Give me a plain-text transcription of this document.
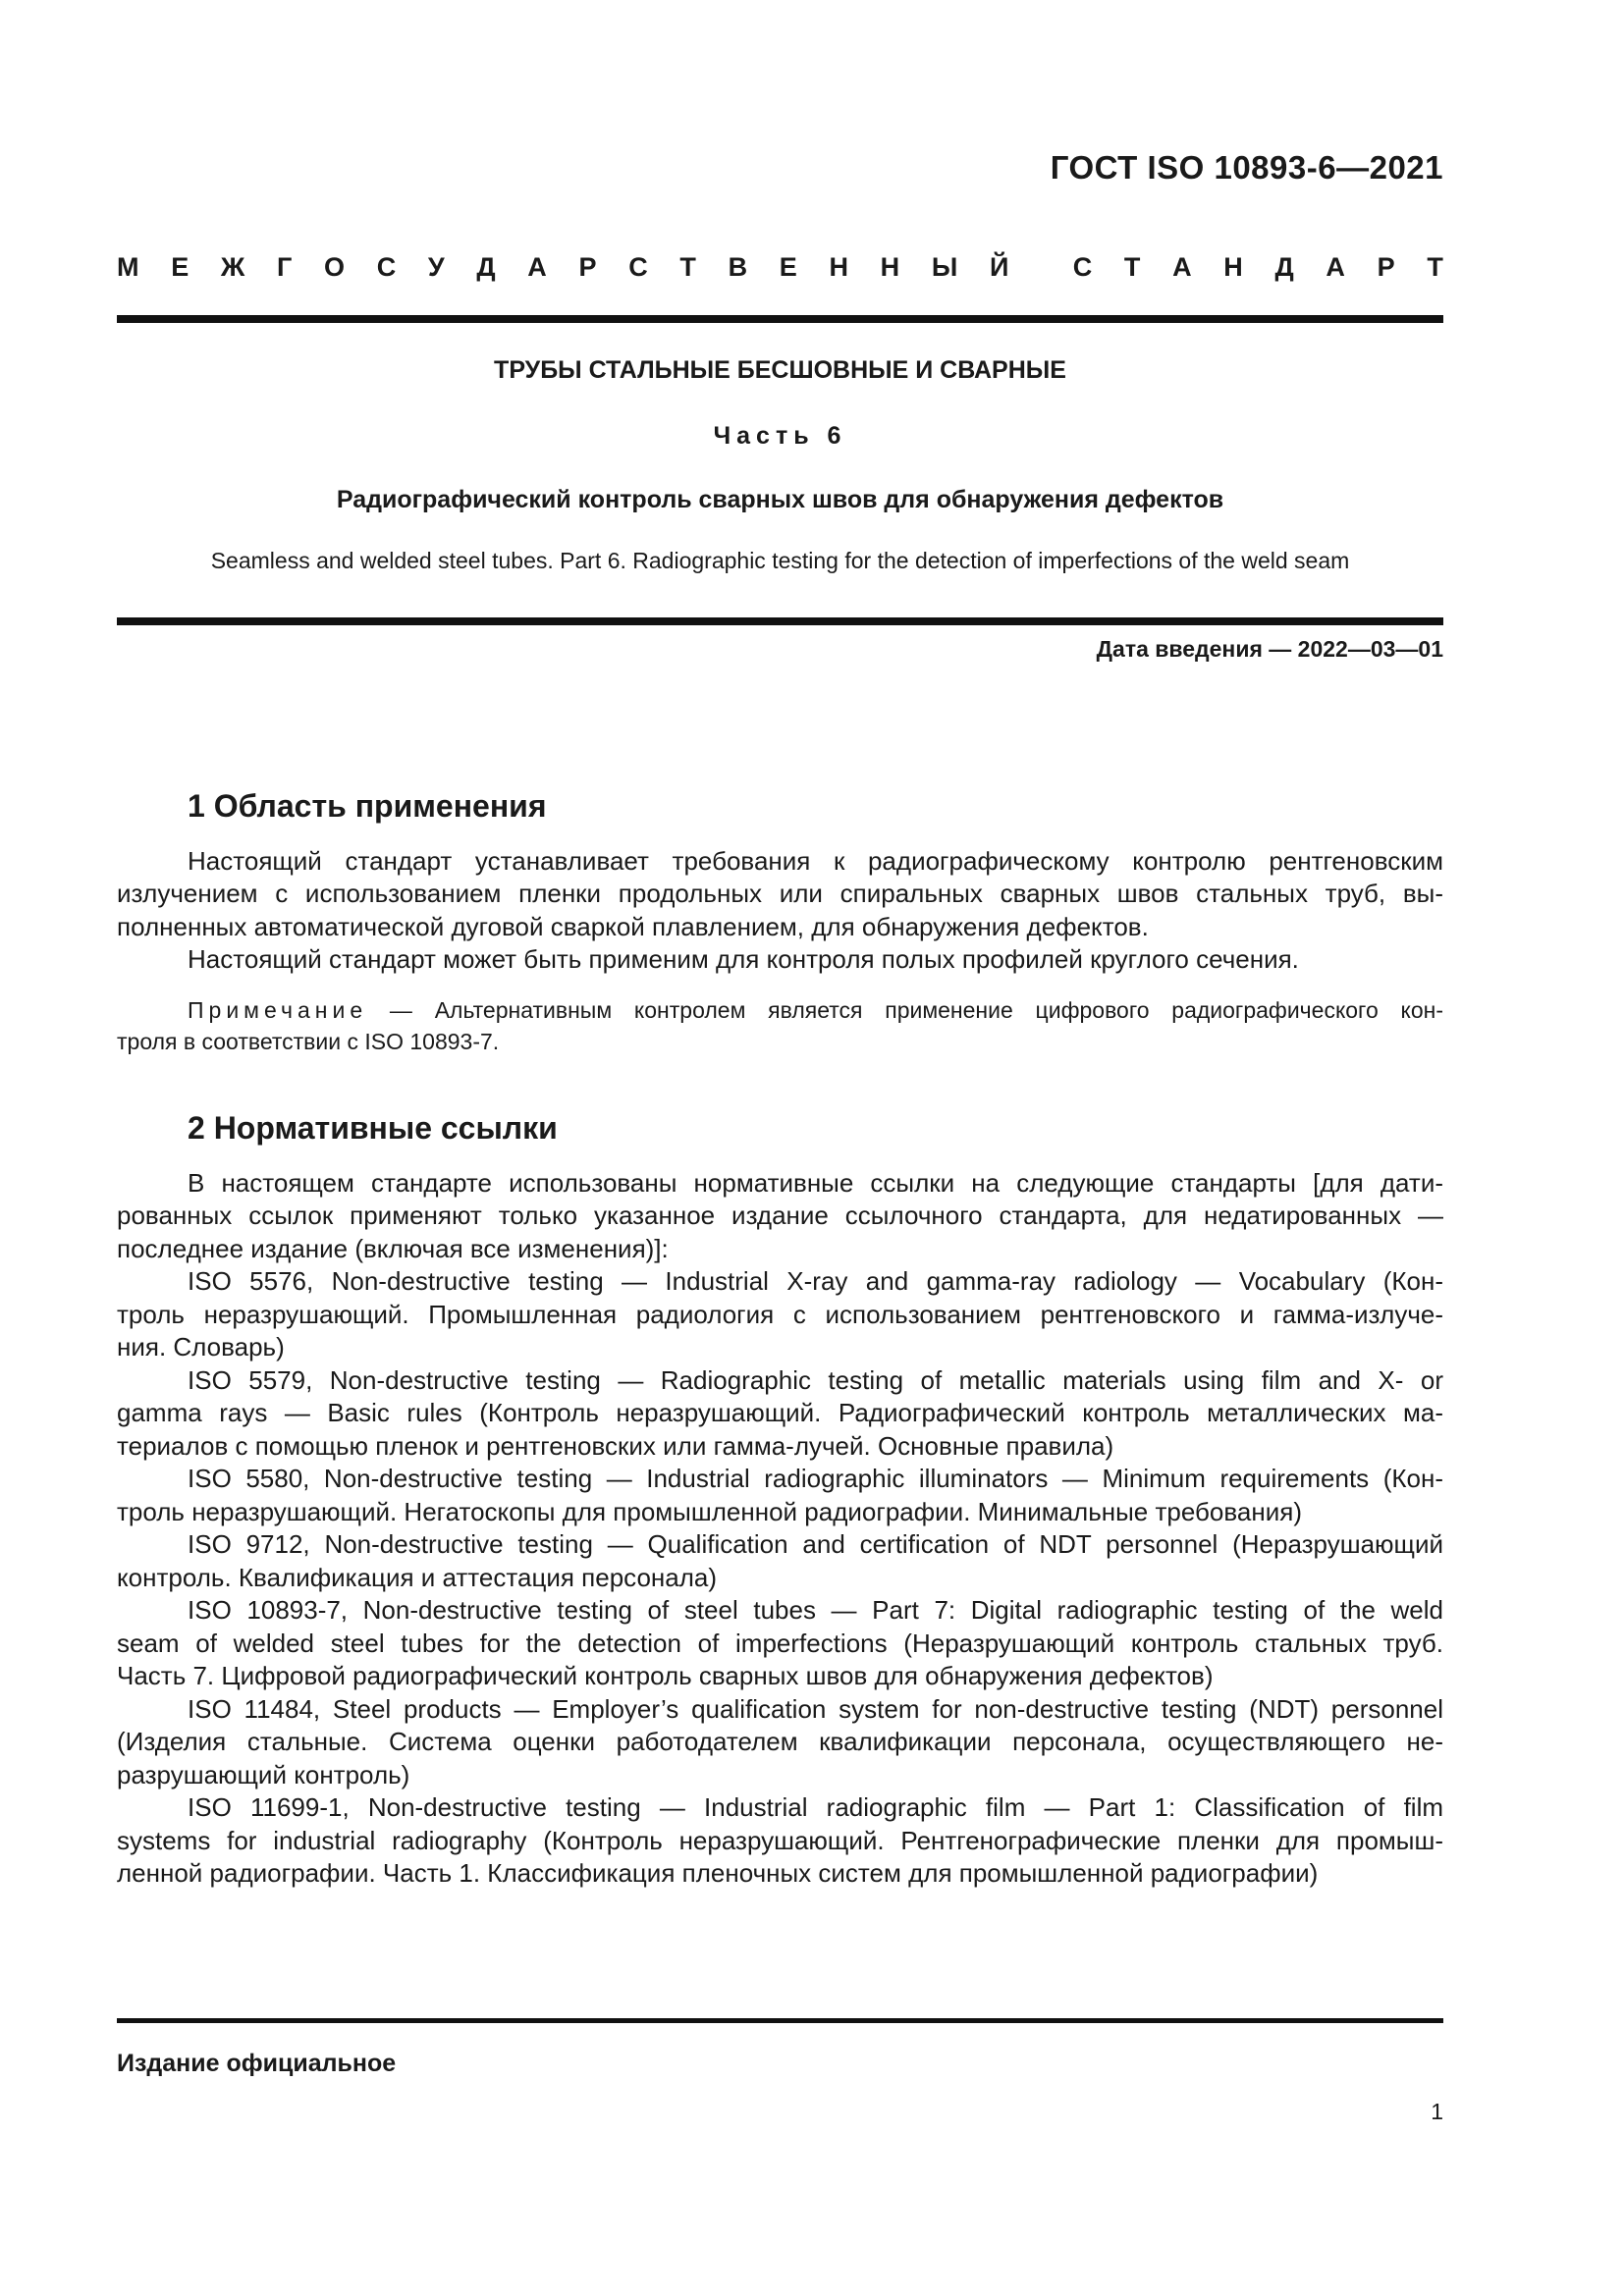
ГОСТ ISO 10893-6—2021
М Е Ж Г О С У Д А Р С Т В Е Н Н Ы Й С Т А Н Д А Р Т
ТРУБЫ СТАЛЬНЫЕ БЕСШОВНЫЕ И СВАРНЫЕ
Часть 6
Радиографический контроль сварных швов для обнаружения дефектов
Seamless and welded steel tubes. Part 6. Radiographic testing for the detection of imperfections of the weld seam
Дата введения — 2022—03—01
1 Область применения
Настоящий стандарт устанавливает требования к радиографическому контролю рентгеновским
излучением с использованием пленки продольных или спиральных сварных швов стальных труб, вы-
полненных автоматической дуговой сваркой плавлением, для обнаружения дефектов.
Настоящий стандарт может быть применим для контроля полых профилей круглого сечения.
Примечание — Альтернативным контролем является применение цифрового радиографического кон-
троля в соответствии с ISO 10893-7.
2 Нормативные ссылки
В настоящем стандарте использованы нормативные ссылки на следующие стандарты [для дати-
рованных ссылок применяют только указанное издание ссылочного стандарта, для недатированных —
последнее издание (включая все изменения)]:
ISO 5576, Non-destructive testing — Industrial X-ray and gamma-ray radiology — Vocabulary (Кон-
троль неразрушающий. Промышленная радиология с использованием рентгеновского и гамма-излуче-
ния. Словарь)
ISO 5579, Non-destructive testing — Radiographic testing of metallic materials using film and X- or
gamma rays — Basic rules (Контроль неразрушающий. Радиографический контроль металлических ма-
териалов с помощью пленок и рентгеновских или гамма-лучей. Основные правила)
ISO 5580, Non-destructive testing — Industrial radiographic illuminators — Minimum requirements (Кон-
троль неразрушающий. Негатоскопы для промышленной радиографии. Минимальные требования)
ISO 9712, Non-destructive testing — Qualification and certification of NDT personnel (Неразрушающий
контроль. Квалификация и аттестация персонала)
ISO 10893-7, Non-destructive testing of steel tubes — Part 7: Digital radiographic testing of the weld
seam of welded steel tubes for the detection of imperfections (Неразрушающий контроль стальных труб.
Часть 7. Цифровой радиографический контроль сварных швов для обнаружения дефектов)
ISO 11484, Steel products — Employer’s qualification system for non-destructive testing (NDT) personnel
(Изделия стальные. Система оценки работодателем квалификации персонала, осуществляющего не-
разрушающий контроль)
ISO 11699-1, Non-destructive testing — Industrial radiographic film — Part 1: Classification of film
systems for industrial radiography (Контроль неразрушающий. Рентгенографические пленки для промыш-
ленной радиографии. Часть 1. Классификация пленочных систем для промышленной радиографии)
Издание официальное
1
